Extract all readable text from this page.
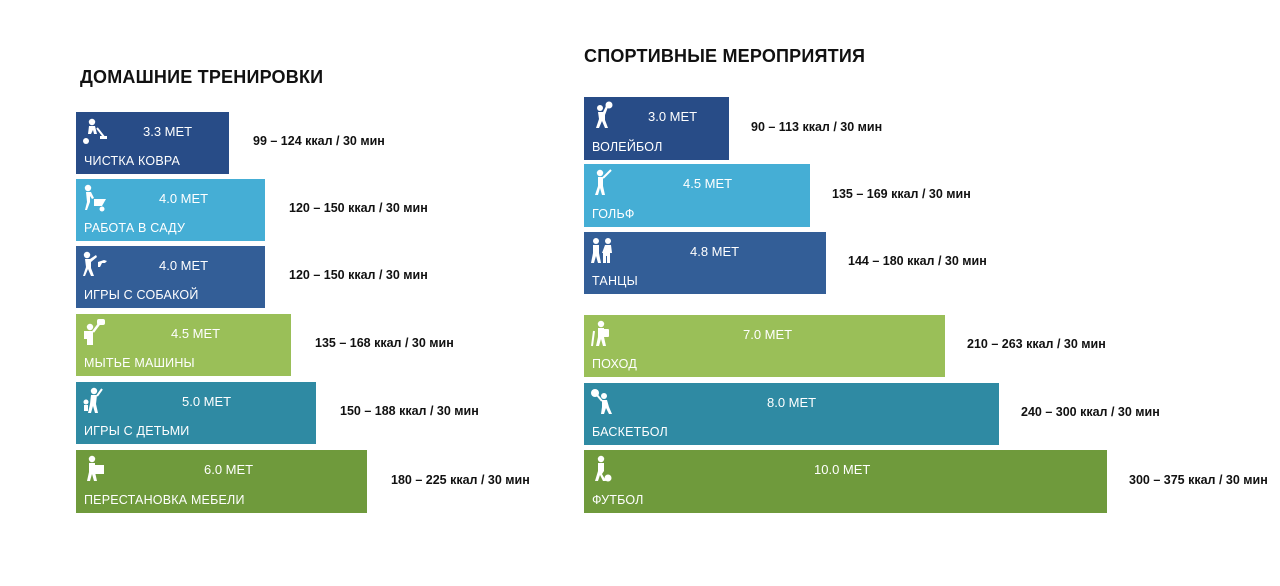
ДОМАШНИЕ ТРЕНИРОВКИ
СПОРТИВНЫЕ МЕРОПРИЯТИЯ
3.3 МЕТ
ЧИСТКА КОВРА
99 – 124 ккал / 30 мин
4.0 МЕТ
РАБОТА В САДУ
120 – 150 ккал / 30 мин
4.0 МЕТ
ИГРЫ С СОБАКОЙ
120 – 150 ккал / 30 мин
4.5 МЕТ
МЫТЬЕ МАШИНЫ
135 – 168 ккал / 30 мин
5.0 МЕТ
ИГРЫ С ДЕТЬМИ
150 – 188 ккал / 30 мин
6.0 МЕТ
ПЕРЕСТАНОВКА МЕБЕЛИ
180 – 225 ккал / 30 мин
3.0 МЕТ
ВОЛЕЙБОЛ
90 – 113 ккал / 30 мин
4.5 МЕТ
ГОЛЬФ
135 – 169 ккал / 30 мин
4.8 МЕТ
ТАНЦЫ
144 – 180 ккал / 30 мин
7.0 МЕТ
ПОХОД
210 – 263 ккал / 30 мин
8.0 МЕТ
БАСКЕТБОЛ
240 – 300 ккал / 30 мин
10.0 МЕТ
ФУТБОЛ
300 – 375 ккал / 30 мин
